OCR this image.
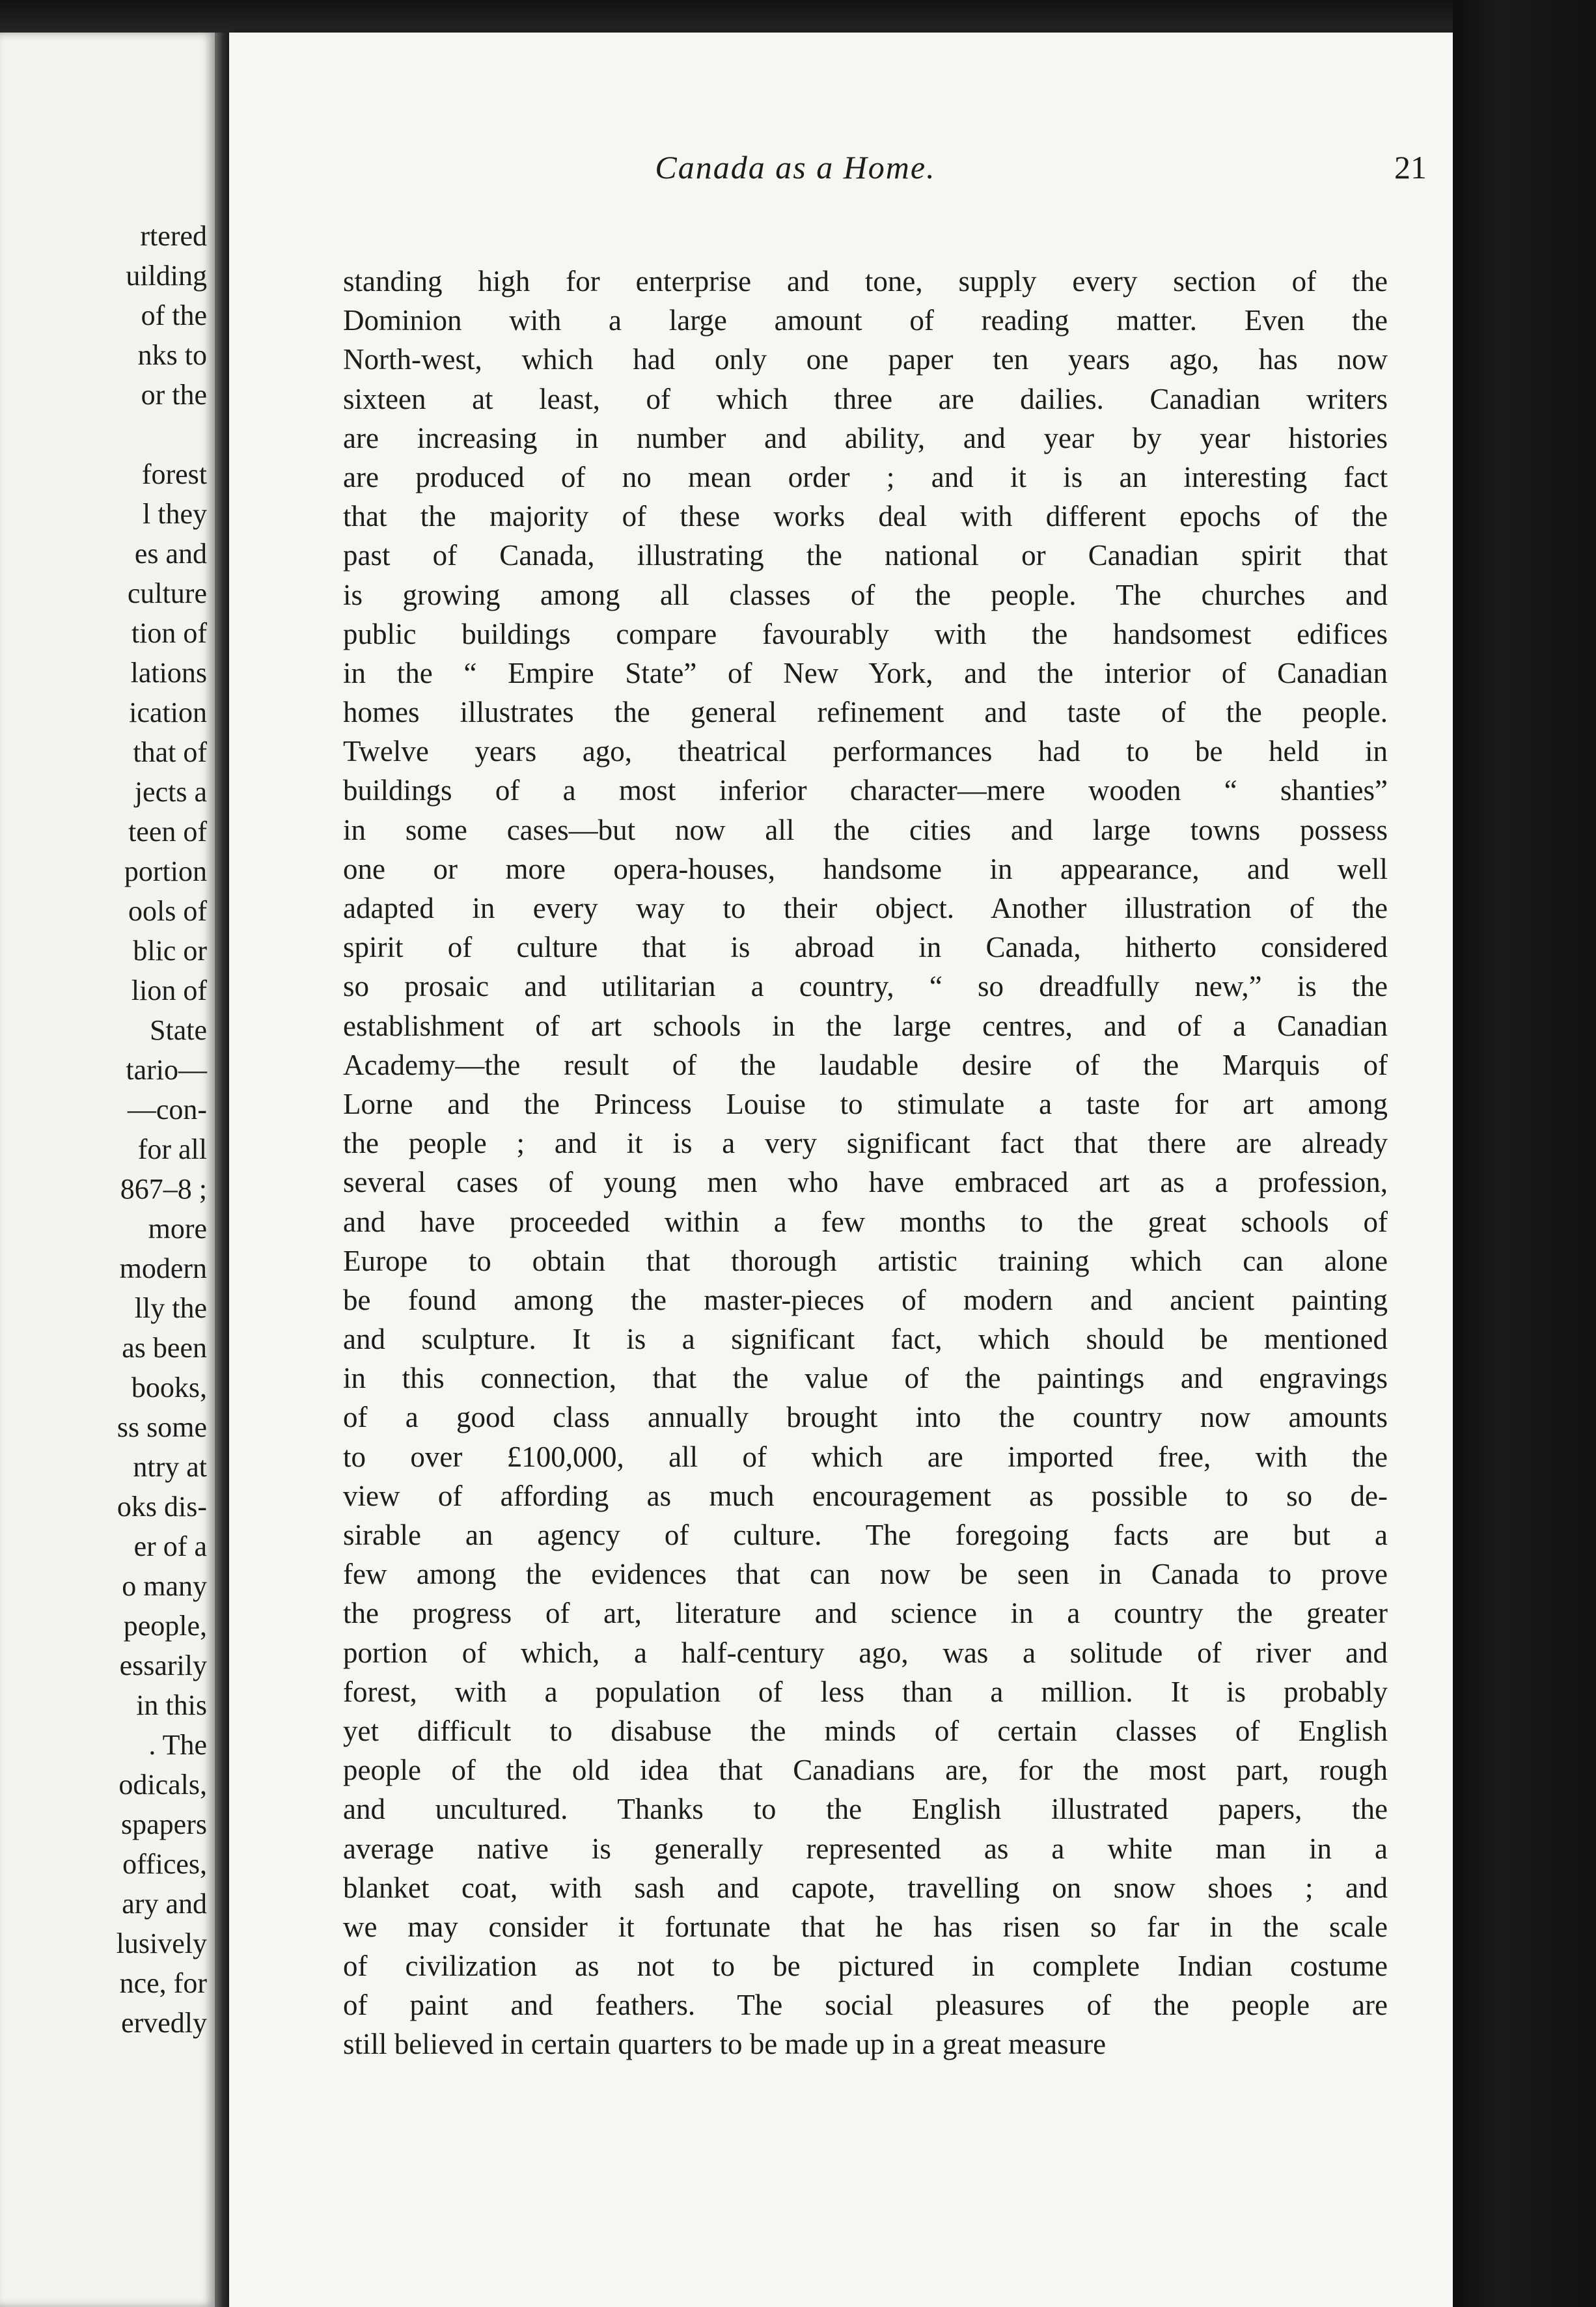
rtered
uilding
of the
nks to
or the
forest
l they
es and
culture
tion of
lations
ication
that of
jects a
teen of
portion
ools of
blic or
lion of
State
tario—
—con-
for all
867–8 ;
more
modern
lly the
as been
books,
ss some
ntry at
oks dis-
er of a
o many
people,
essarily
in this
. The
odicals,
spapers
offices,
ary and
lusively
nce, for
ervedly
Canada as a Home.	21
standing high for enterprise and tone, supply every section of the
Dominion with a large amount of reading matter. Even the
North-west, which had only one paper ten years ago, has now
sixteen at least, of which three are dailies. Canadian writers
are increasing in number and ability, and year by year histories
are produced of no mean order ; and it is an interesting fact
that the majority of these works deal with different epochs of the
past of Canada, illustrating the national or Canadian spirit that
is growing among all classes of the people. The churches and
public buildings compare favourably with the handsomest edifices
in the “ Empire State” of New York, and the interior of Canadian
homes illustrates the general refinement and taste of the people.
Twelve years ago, theatrical performances had to be held in
buildings of a most inferior character—mere wooden “ shanties”
in some cases—but now all the cities and large towns possess
one or more opera-houses, handsome in appearance, and well
adapted in every way to their object. Another illustration of the
spirit of culture that is abroad in Canada, hitherto considered
so prosaic and utilitarian a country, “ so dreadfully new,” is the
establishment of art schools in the large centres, and of a Canadian
Academy—the result of the laudable desire of the Marquis of
Lorne and the Princess Louise to stimulate a taste for art among
the people ; and it is a very significant fact that there are already
several cases of young men who have embraced art as a profession,
and have proceeded within a few months to the great schools of
Europe to obtain that thorough artistic training which can alone
be found among the master-pieces of modern and ancient painting
and sculpture. It is a significant fact, which should be mentioned
in this connection, that the value of the paintings and engravings
of a good class annually brought into the country now amounts
to over £100,000, all of which are imported free, with the
view of affording as much encouragement as possible to so de-
sirable an agency of culture. The foregoing facts are but a
few among the evidences that can now be seen in Canada to prove
the progress of art, literature and science in a country the greater
portion of which, a half-century ago, was a solitude of river and
forest, with a population of less than a million. It is probably
yet difficult to disabuse the minds of certain classes of English
people of the old idea that Canadians are, for the most part, rough
and uncultured. Thanks to the English illustrated papers, the
average native is generally represented as a white man in a
blanket coat, with sash and capote, travelling on snow shoes ; and
we may consider it fortunate that he has risen so far in the scale
of civilization as not to be pictured in complete Indian costume
of paint and feathers. The social pleasures of the people are
still believed in certain quarters to be made up in a great measure
